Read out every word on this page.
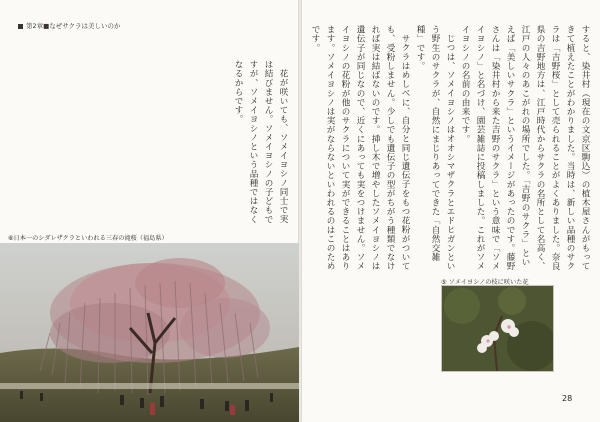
第2章■なぜサクラは美しいのか

花が咲いても、ソメイヨシノ同士で実は結びません。ソメイヨシノの子どもですが、ソメイヨシノという品種ではなくなるからです。

⑥日本一のシダレザクラといわれる三春の滝桜（福島県）	すると、染井村（現在の文京区駒込）の植木屋さんがもってきて植えたことがわかりました。当時は、新しい品種のサクラは「吉野桜」として売られることがよくありました。奈良県の吉野地方は、江戸時代からサクラの名所として名高く、江戸の人々のあこがれの場所でした。「吉野のサクラ」といえば「美しいサクラ」というイメージがあったのです。藤野さんは「染井村から来た吉野のサクラ」という意味で「ソメイヨシノ」と名づけ、園芸雑誌に投稿しました。これがソメイヨシノの名前の由来です。

じつは、ソメイヨシノはオオシマザクラとエドヒガンという野生のサクラが、自然にまじりあってできた「自然交雑種」です。

サクラはめしべに、自分と同じ遺伝子をもつ花粉がついても、受粉しません。少しでも遺伝子の型がちがう種類でなければ実は結ばないのです。挿し木で増やしたソメイヨシノは遺伝子が同じなので、近くにあっても実をつけません。ソメイヨシノの花粉が他のサクラについて実ができることはあります。ソメイヨシノは実がならないといわれるのはこのためです。

⑤ ソメイヨシノの枝に咲いた花
28
